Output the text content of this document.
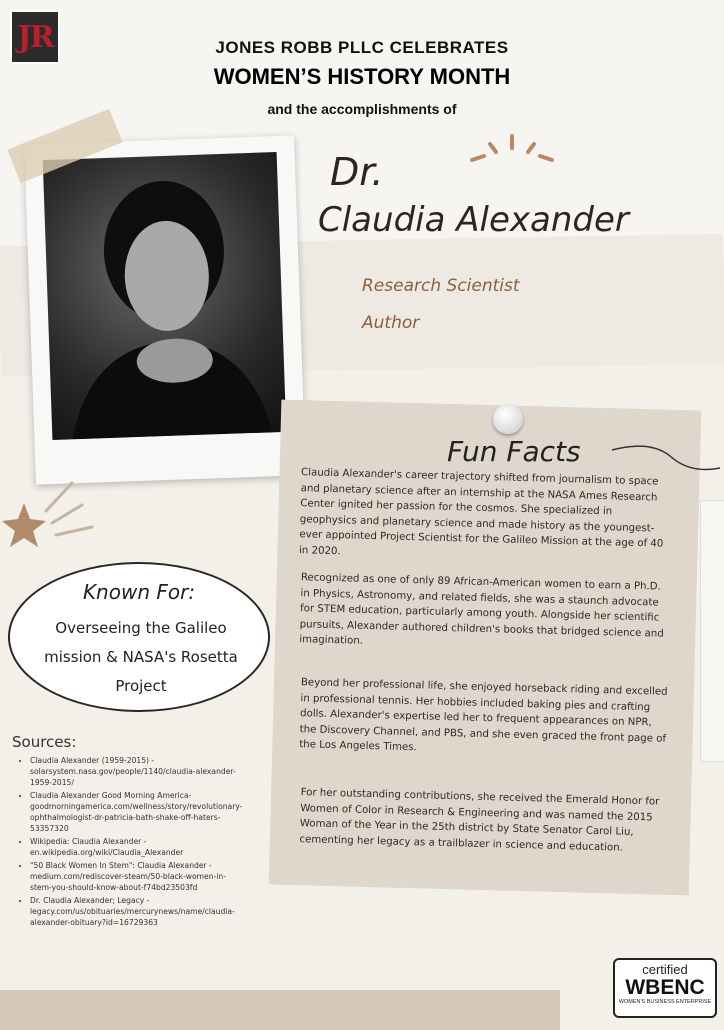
JR	JONES ROBB PLLC CELEBRATES
WOMEN’S HISTORY MONTH
and the accomplishments of
Dr.
Claudia Alexander
Research Scientist
Author
Fun Facts
Claudia Alexander's career trajectory shifted from journalism to space and planetary science after an internship at the NASA Ames Research Center ignited her passion for the cosmos. She specialized in geophysics and planetary science and made history as the youngest-ever appointed Project Scientist for the Galileo Mission at the age of 40 in 2020.
Recognized as one of only 89 African-American women to earn a Ph.D. in Physics, Astronomy, and related fields, she was a staunch advocate for STEM education, particularly among youth. Alongside her scientific pursuits, Alexander authored children's books that bridged science and imagination.
Beyond her professional life, she enjoyed horseback riding and excelled in professional tennis. Her hobbies included baking pies and crafting dolls. Alexander's expertise led her to frequent appearances on NPR, the Discovery Channel, and PBS, and she even graced the front page of the Los Angeles Times.
For her outstanding contributions, she received the Emerald Honor for Women of Color in Research & Engineering and was named the 2015 Woman of the Year in the 25th district by State Senator Carol Liu, cementing her legacy as a trailblazer in science and education.
Known For:
Overseeing the Galileo mission & NASA's Rosetta Project
Sources:
• Claudia Alexander (1959-2015) - solarsystem.nasa.gov/people/1140/claudia-alexander-1959-2015/
• Claudia Alexander Good Morning America- goodmorningamerica.com/wellness/story/revolutionary-ophthalmologist-dr-patricia-bath-shake-off-haters-53357320
• Wikipedia: Claudia Alexander - en.wikipedia.org/wiki/Claudia_Alexander
• "50 Black Women In Stem": Claudia Alexander - medium.com/rediscover-steam/50-black-women-in-stem-you-should-know-about-f74bd23503fd
• Dr. Claudia Alexander; Legacy - legacy.com/us/obituaries/mercurynews/name/claudia-alexander-obituary?id=16729363
certified
WBENC
WOMEN'S BUSINESS ENTERPRISE
